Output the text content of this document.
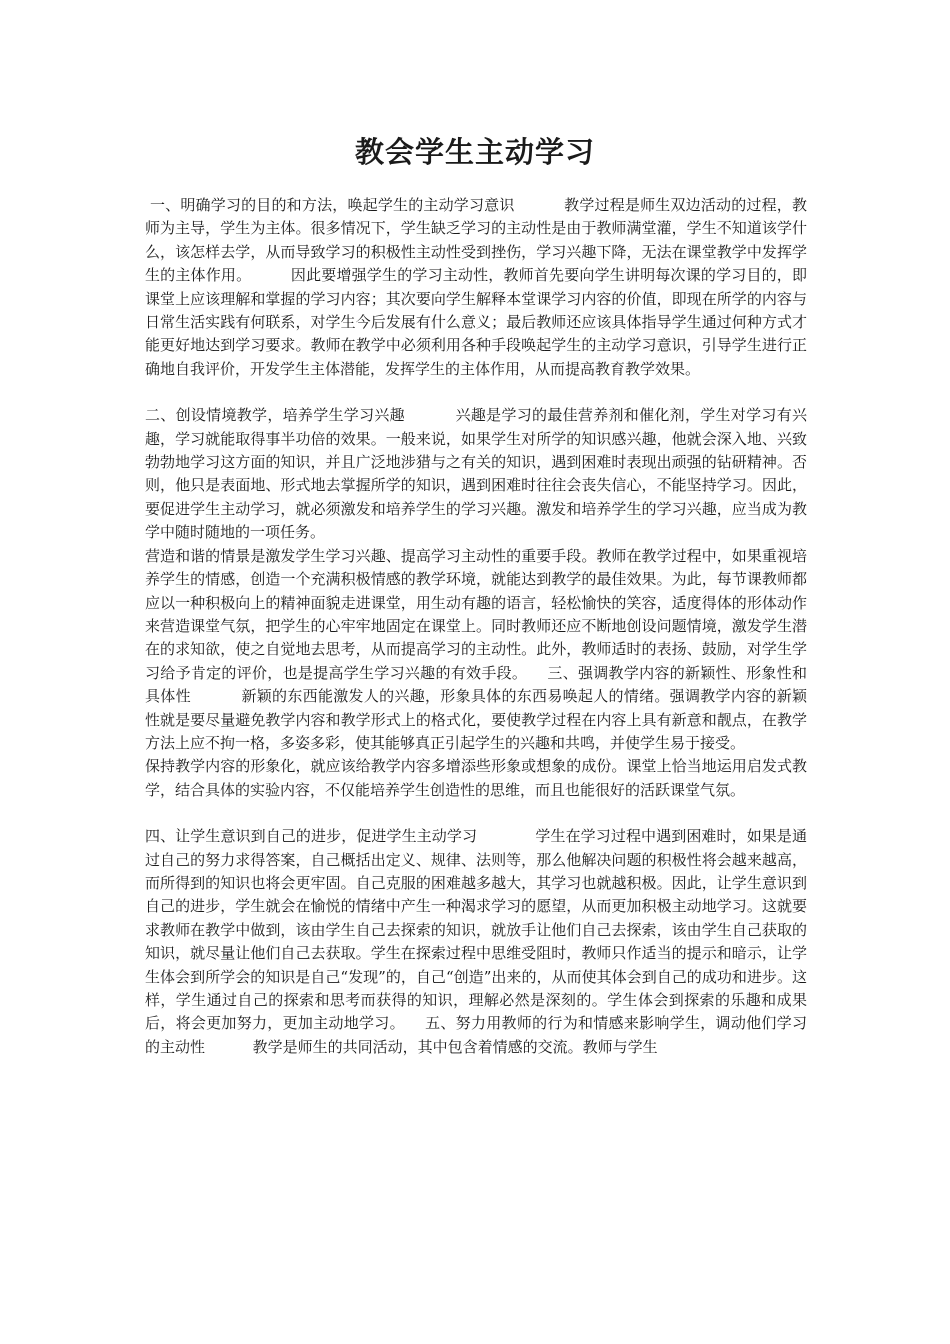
教会学生主动学习

一、明确学习的目的和方法，唤起学生的主动学习意识          教学过程是师生双边活动的过程，教师为主导，学生为主体。很多情况下，学生缺乏学习的主动性是由于教师满堂灌，学生不知道该学什么，该怎样去学，从而导致学习的积极性主动性受到挫伤，学习兴趣下降，无法在课堂教学中发挥学生的主体作用。        因此要增强学生的学习主动性，教师首先要向学生讲明每次课的学习目的，即课堂上应该理解和掌握的学习内容；其次要向学生解释本堂课学习内容的价值，即现在所学的内容与日常生活实践有何联系，对学生今后发展有什么意义；最后教师还应该具体指导学生通过何种方式才能更好地达到学习要求。教师在教学中必须利用各种手段唤起学生的主动学习意识，引导学生进行正确地自我评价，开发学生主体潜能，发挥学生的主体作用，从而提高教育教学效果。

二、创设情境教学，培养学生学习兴趣          兴趣是学习的最佳营养剂和催化剂，学生对学习有兴趣，学习就能取得事半功倍的效果。一般来说，如果学生对所学的知识感兴趣，他就会深入地、兴致勃勃地学习这方面的知识，并且广泛地涉猎与之有关的知识，遇到困难时表现出顽强的钻研精神。否则，他只是表面地、形式地去掌握所学的知识，遇到困难时往往会丧失信心，不能坚持学习。因此，要促进学生主动学习，就必须激发和培养学生的学习兴趣。激发和培养学生的学习兴趣，应当成为教学中随时随地的一项任务。

营造和谐的情景是激发学生学习兴趣、提高学习主动性的重要手段。教师在教学过程中，如果重视培养学生的情感，创造一个充满积极情感的教学环境，就能达到教学的最佳效果。为此，每节课教师都应以一种积极向上的精神面貌走进课堂，用生动有趣的语言，轻松愉快的笑容，适度得体的形体动作来营造课堂气氛，把学生的心牢牢地固定在课堂上。同时教师还应不断地创设问题情境，激发学生潜在的求知欲，使之自觉地去思考，从而提高学习的主动性。此外，教师适时的表扬、鼓励，对学生学习给予肯定的评价，也是提高学生学习兴趣的有效手段。    三、强调教学内容的新颖性、形象性和具体性          新颖的东西能激发人的兴趣，形象具体的东西易唤起人的情绪。强调教学内容的新颖性就是要尽量避免教学内容和教学形式上的格式化，要使教学过程在内容上具有新意和靓点，在教学方法上应不拘一格，多姿多彩，使其能够真正引起学生的兴趣和共鸣，并使学生易于接受。

保持教学内容的形象化，就应该给教学内容多增添些形象或想象的成份。课堂上恰当地运用启发式教学，结合具体的实验内容，不仅能培养学生创造性的思维，而且也能很好的活跃课堂气氛。

四、让学生意识到自己的进步，促进学生主动学习            学生在学习过程中遇到困难时，如果是通过自己的努力求得答案，自己概括出定义、规律、法则等，那么他解决问题的积极性将会越来越高，而所得到的知识也将会更牢固。自己克服的困难越多越大，其学习也就越积极。因此，让学生意识到自己的进步，学生就会在愉悦的情绪中产生一种渴求学习的愿望，从而更加积极主动地学习。这就要求教师在教学中做到，该由学生自己去探索的知识，就放手让他们自己去探索，该由学生自己获取的知识，就尽量让他们自己去获取。学生在探索过程中思维受阻时，教师只作适当的提示和暗示，让学生体会到所学会的知识是自己“发现”的，自己“创造”出来的，从而使其体会到自己的成功和进步。这样，学生通过自己的探索和思考而获得的知识，理解必然是深刻的。学生体会到探索的乐趣和成果后，将会更加努力，更加主动地学习。    五、努力用教师的行为和情感来影响学生，调动他们学习的主动性          教学是师生的共同活动，其中包含着情感的交流。教师与学生
